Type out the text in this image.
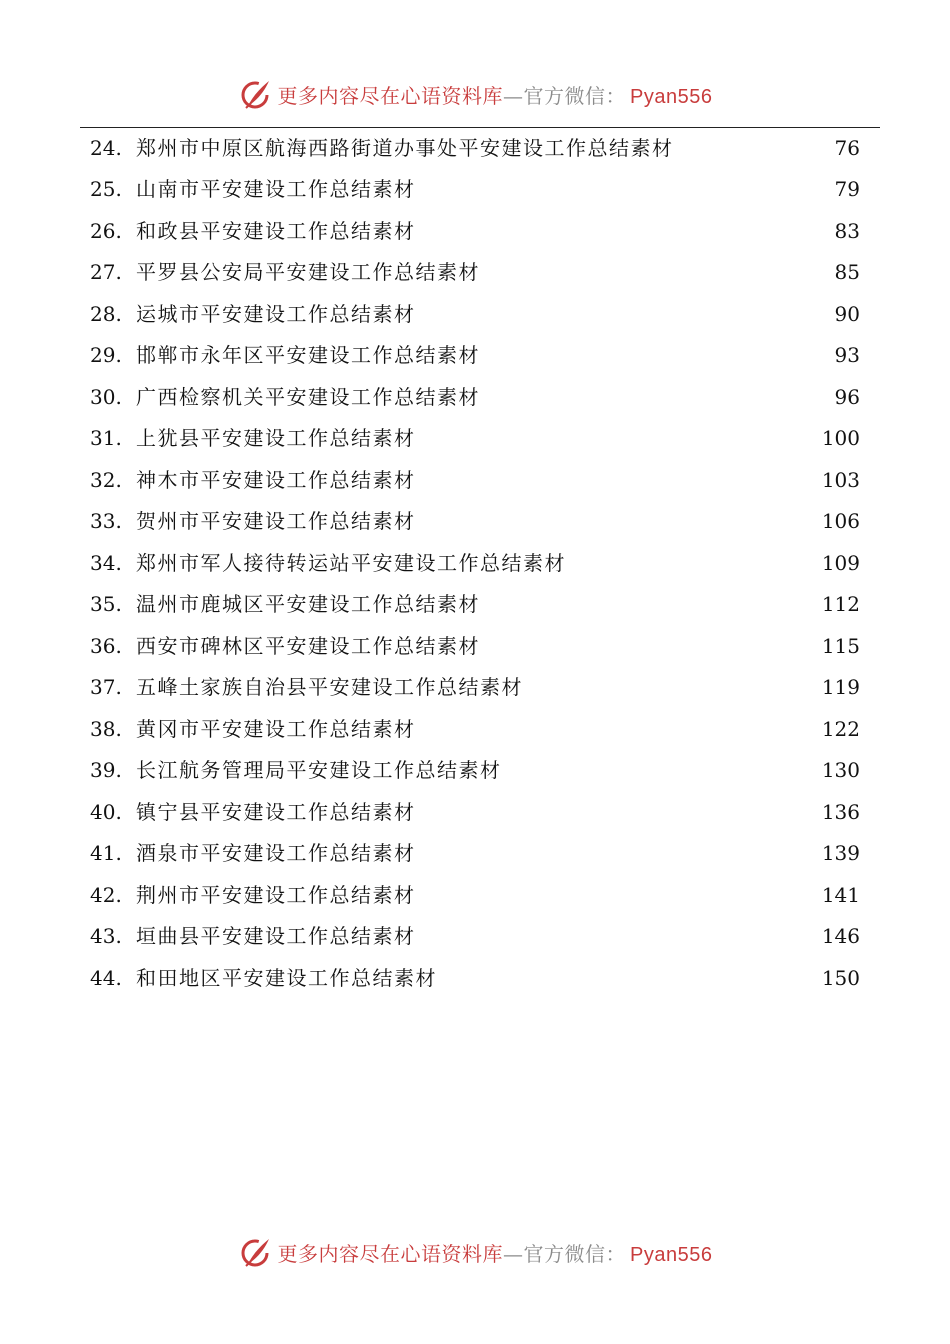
更多内容尽在心语资料库—官方微信： Pyan556
24. 郑州市中原区航海西路街道办事处平安建设工作总结素材	76
25. 山南市平安建设工作总结素材	79
26. 和政县平安建设工作总结素材	83
27. 平罗县公安局平安建设工作总结素材	85
28. 运城市平安建设工作总结素材	90
29. 邯郸市永年区平安建设工作总结素材	93
30. 广西检察机关平安建设工作总结素材	96
31. 上犹县平安建设工作总结素材	100
32. 神木市平安建设工作总结素材	103
33. 贺州市平安建设工作总结素材	106
34. 郑州市军人接待转运站平安建设工作总结素材	109
35. 温州市鹿城区平安建设工作总结素材	112
36. 西安市碑林区平安建设工作总结素材	115
37. 五峰土家族自治县平安建设工作总结素材	119
38. 黄冈市平安建设工作总结素材	122
39. 长江航务管理局平安建设工作总结素材	130
40. 镇宁县平安建设工作总结素材	136
41. 酒泉市平安建设工作总结素材	139
42. 荆州市平安建设工作总结素材	141
43. 垣曲县平安建设工作总结素材	146
44. 和田地区平安建设工作总结素材	150
更多内容尽在心语资料库—官方微信： Pyan556
